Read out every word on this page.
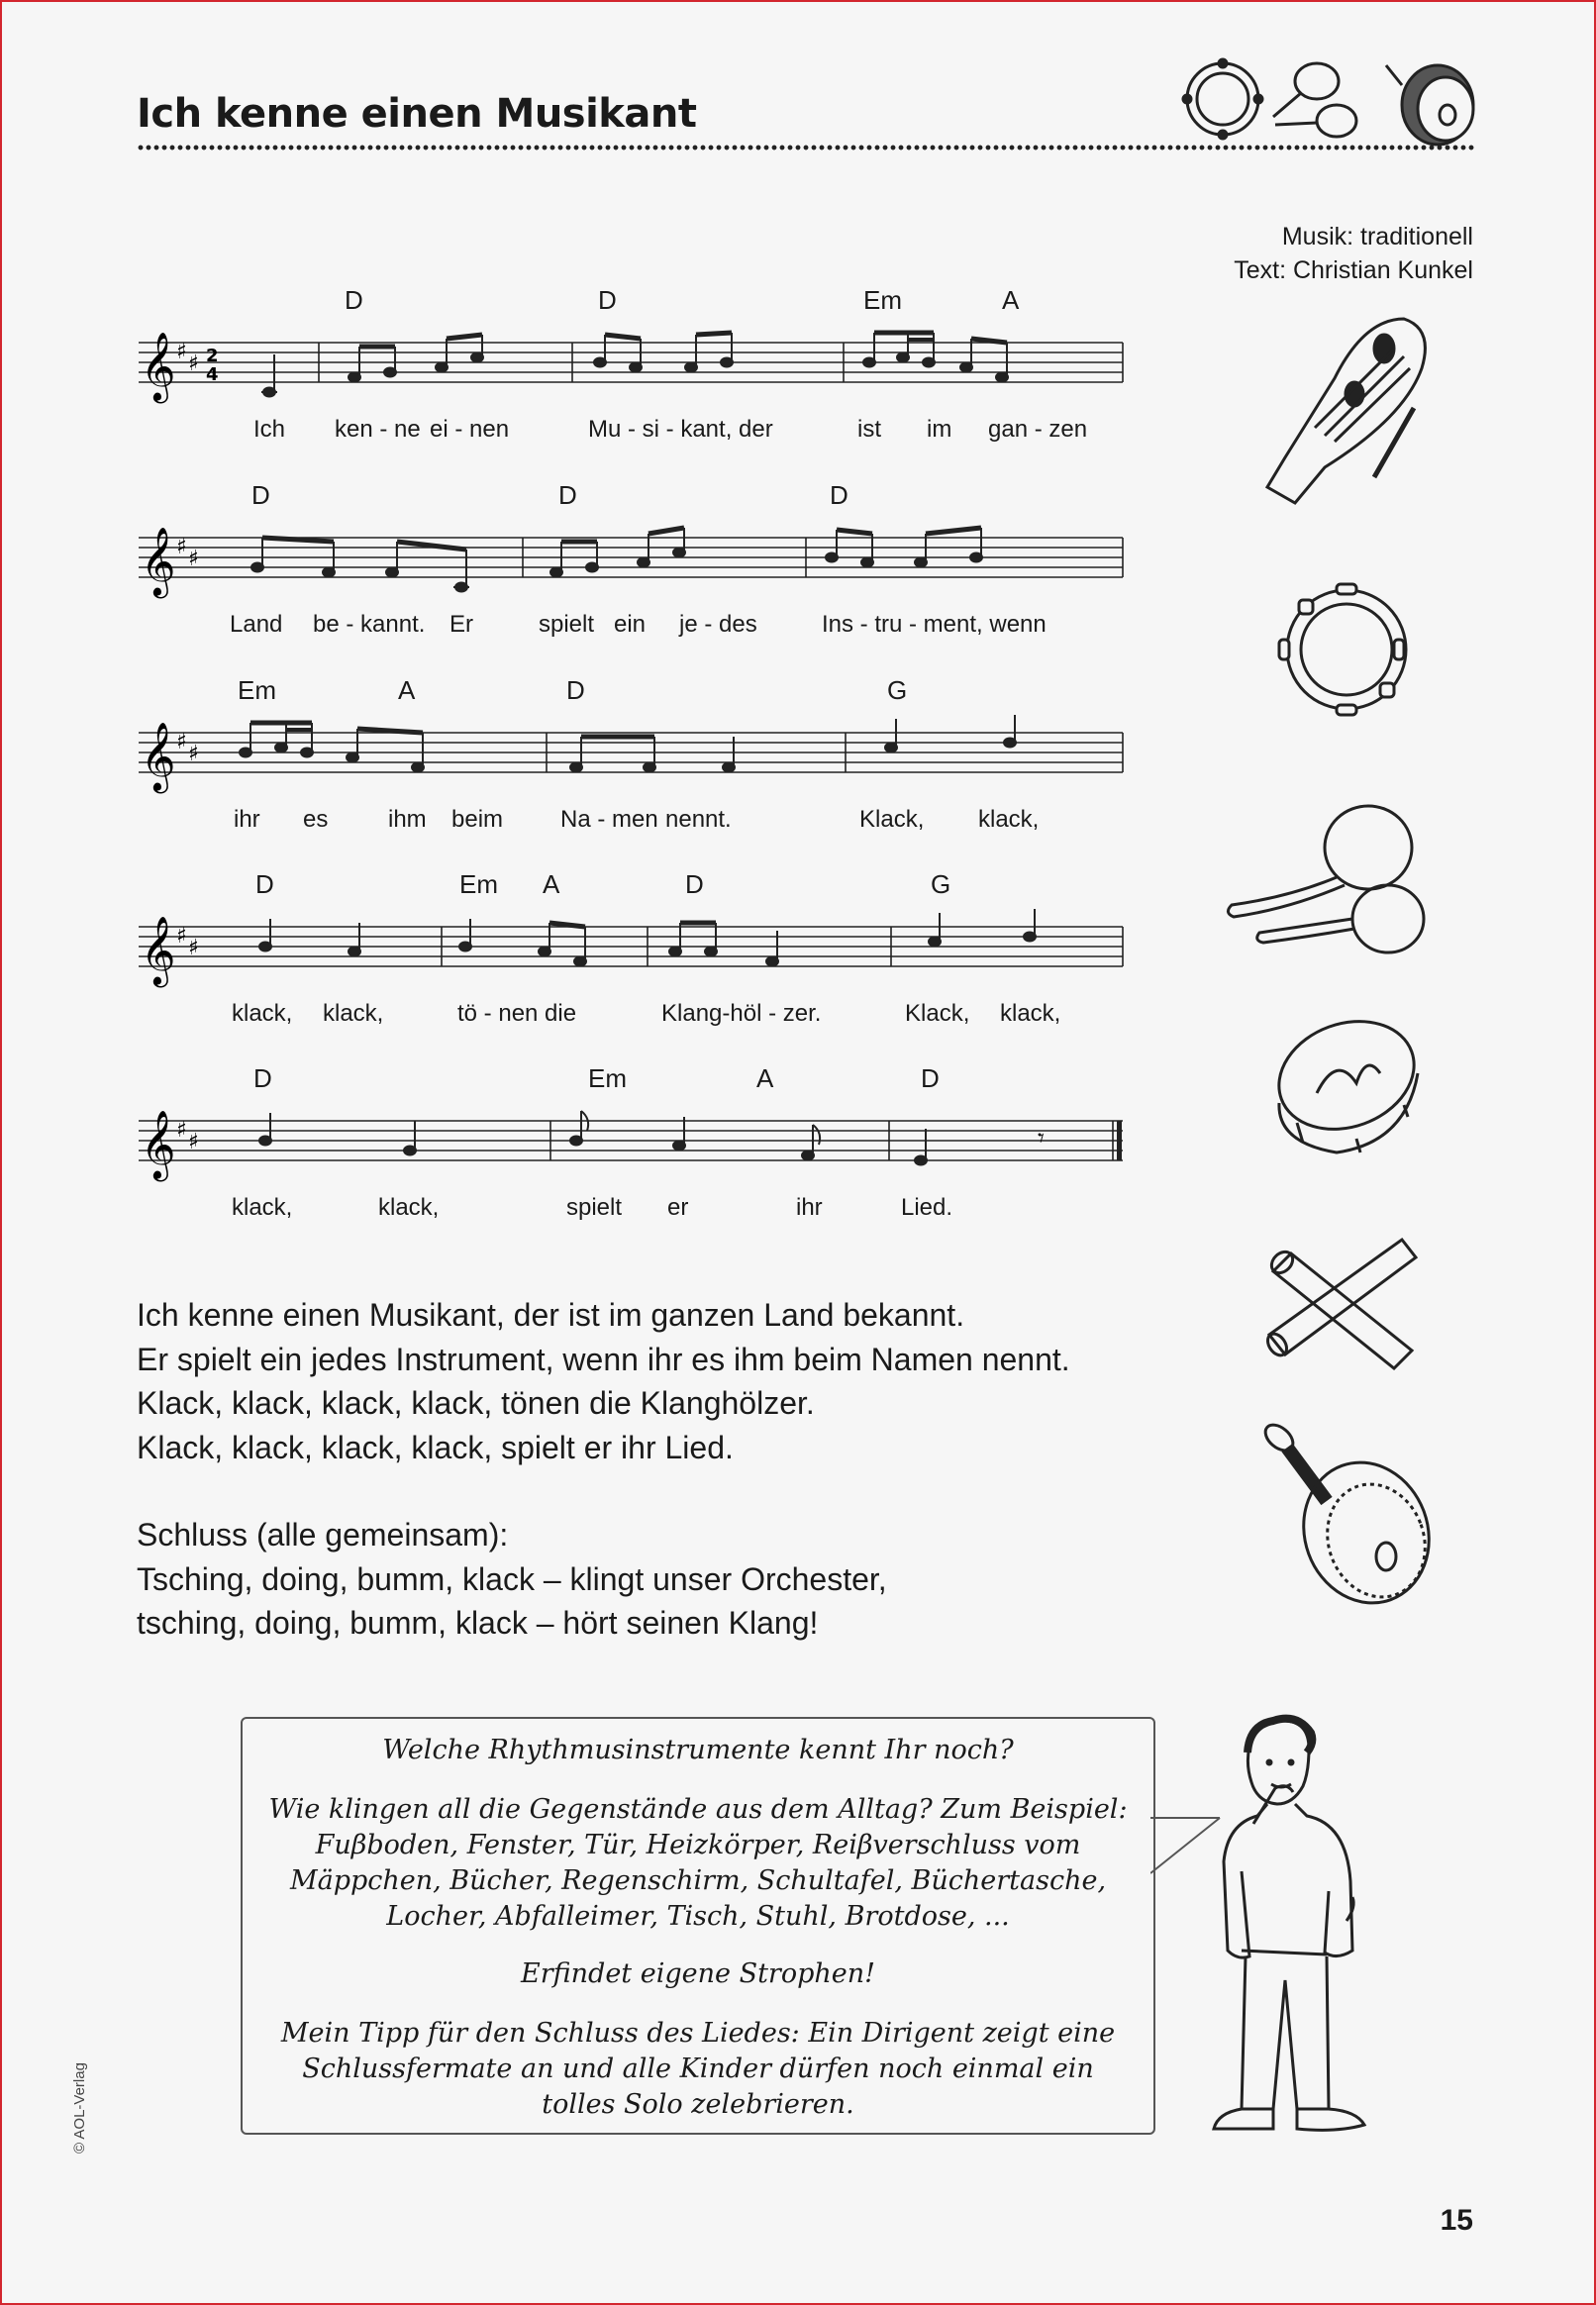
Ich kenne einen Musikant
Musik: traditionell
Text: Christian Kunkel
D	D	Em	A
𝄞 ♯ ♯ 2
4
Ich ken - ne ei - nen	Mu - si - kant, der	ist im gan - zen
D	D	D
𝄞 ♯ ♯
Land be - kannt. Er	spielt ein je - des	Ins - tru - ment, wenn
Em	A	D	G
𝄞 ♯ ♯
ihr es	ihm beim Na - men nennt.	Klack, klack,
D	Em A	D	G
𝄞 ♯ ♯
klack, klack,	tö - nen die	Klang-höl - zer.	Klack, klack,
D	Em	A	D
𝄞 ♯ ♯	𝄾
klack,	klack,	spielt er	ihr	Lied.

Ich kenne einen Musikant, der ist im ganzen Land bekannt.

Er spielt ein jedes Instrument, wenn ihr es ihm beim Namen nennt.

Klack, klack, klack, klack, tönen die Klanghölzer.

Klack, klack, klack, klack, spielt er ihr Lied.

Schluss (alle gemeinsam):

Tsching, doing, bumm, klack – klingt unser Orchester,

tsching, doing, bumm, klack – hört seinen Klang!

Welche Rhythmusinstrumente kennt Ihr noch?

Wie klingen all die Gegenstände aus dem Alltag? Zum Beispiel: Fuβboden, Fenster, Tür, Heizkörper, Reiβverschluss vom Mäppchen, Bücher, Regenschirm, Schultafel, Büchertasche, Locher, Abfalleimer, Tisch, Stuhl, Brotdose, ...

Erfindet eigene Strophen!

Mein Tipp für den Schluss des Liedes: Ein Dirigent zeigt eine Schlussfermate an und alle Kinder dürfen noch einmal ein tolles Solo zelebrieren.

© AOL-Verlag
15
